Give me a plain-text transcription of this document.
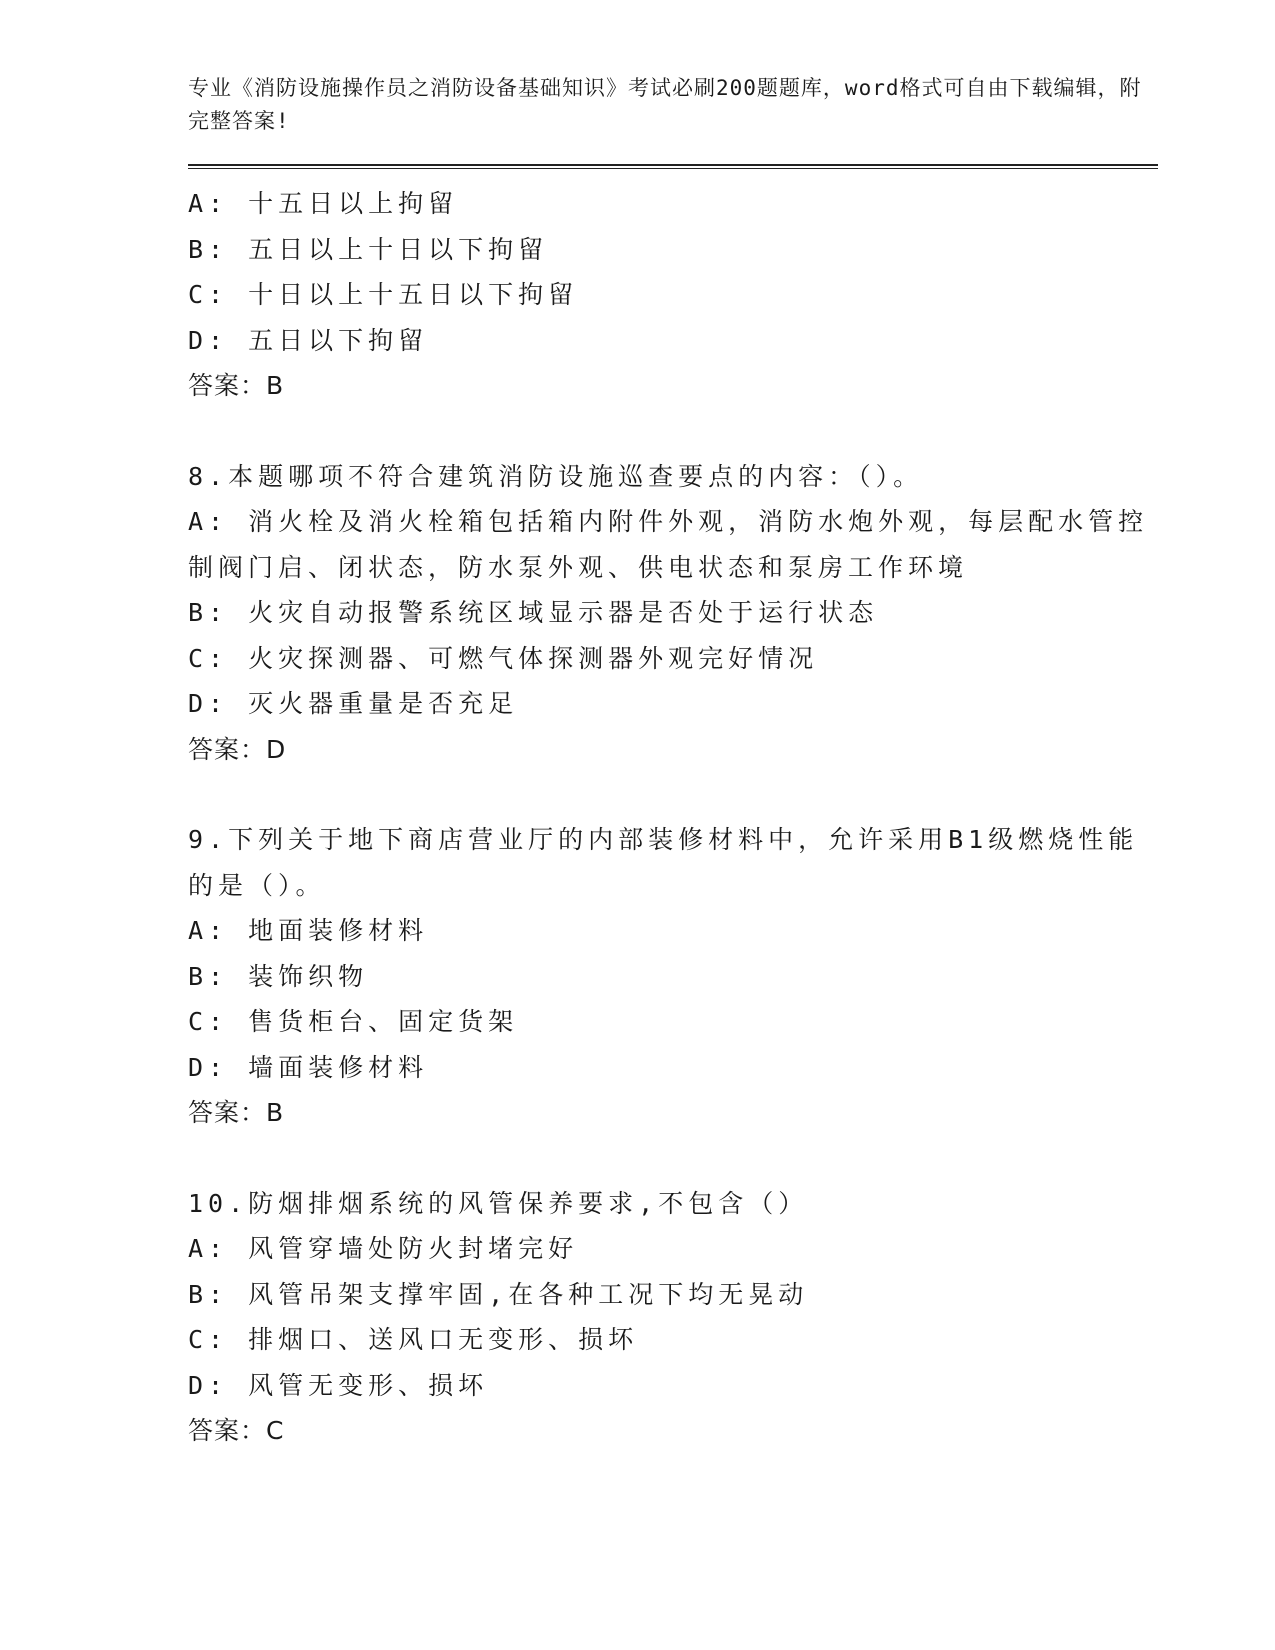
专业《消防设施操作员之消防设备基础知识》考试必刷200题题库，word格式可自由下载编辑，附完整答案!

A: 十五日以上拘留

B: 五日以上十日以下拘留

C: 十日以上十五日以下拘留

D: 五日以下拘留

答案：B

8.本题哪项不符合建筑消防设施巡查要点的内容：（）。

A: 消火栓及消火栓箱包括箱内附件外观，消防水炮外观，每层配水管控制阀门启、闭状态，防水泵外观、供电状态和泵房工作环境

B: 火灾自动报警系统区域显示器是否处于运行状态

C: 火灾探测器、可燃气体探测器外观完好情况

D: 灭火器重量是否充足

答案：D

9.下列关于地下商店营业厅的内部装修材料中，允许采用B1级燃烧性能的是（）。

A: 地面装修材料

B: 装饰织物

C: 售货柜台、固定货架

D: 墙面装修材料

答案：B

10.防烟排烟系统的风管保养要求,不包含（）

A: 风管穿墙处防火封堵完好

B: 风管吊架支撑牢固,在各种工况下均无晃动

C: 排烟口、送风口无变形、损坏

D: 风管无变形、损坏

答案：C
